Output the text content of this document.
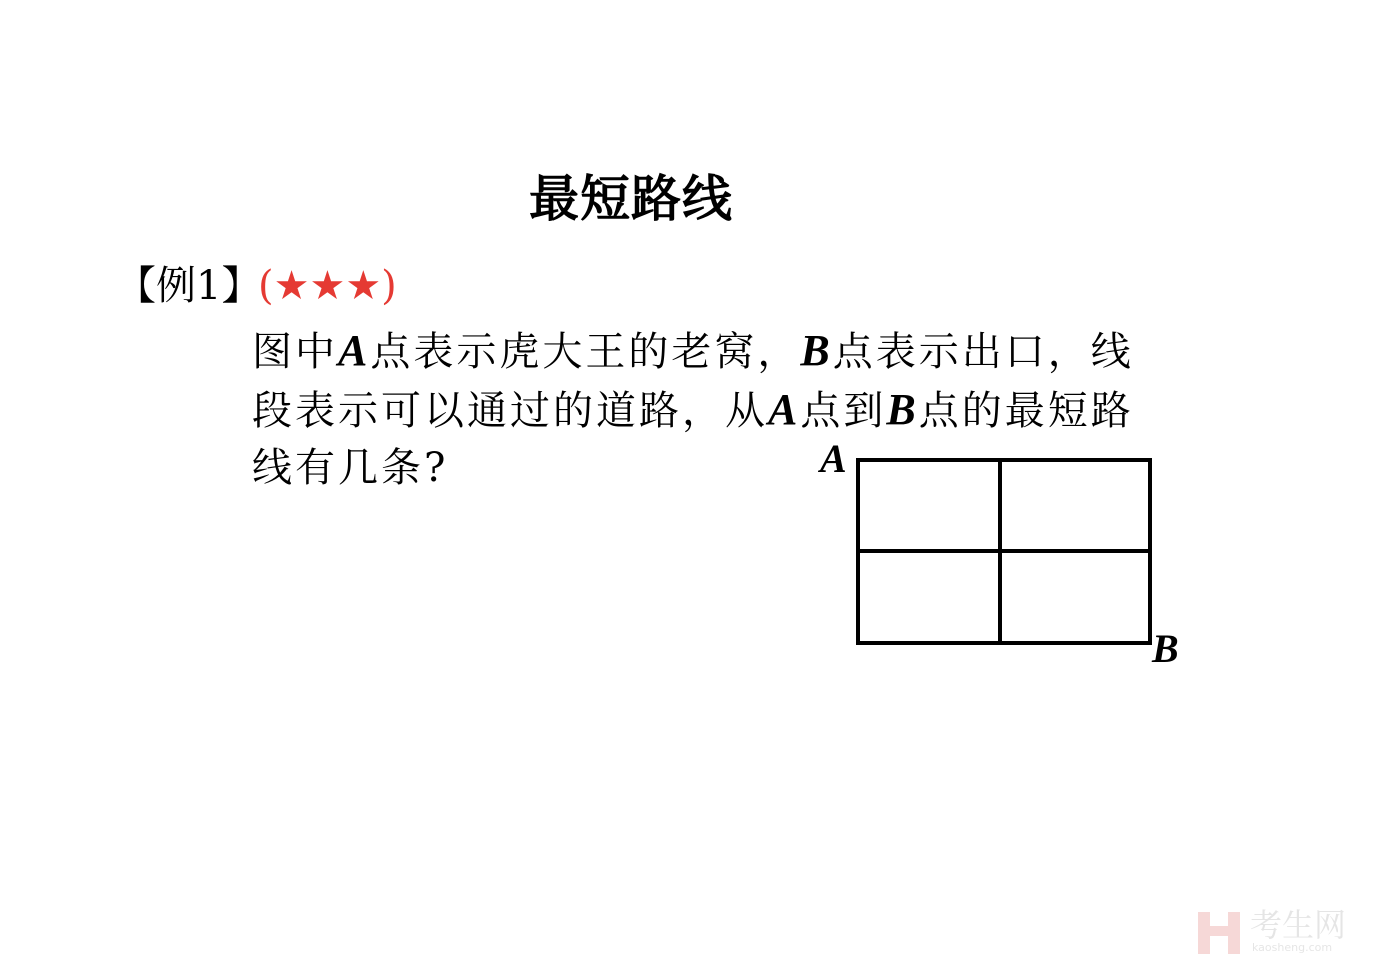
最短路线
【例1】
(★★★)
图中A点表示虎大王的老窝，B点表示出口，线
段表示可以通过的道路，从A点到B点的最短路
线有几条?	A
B
考生网
kaosheng.com
